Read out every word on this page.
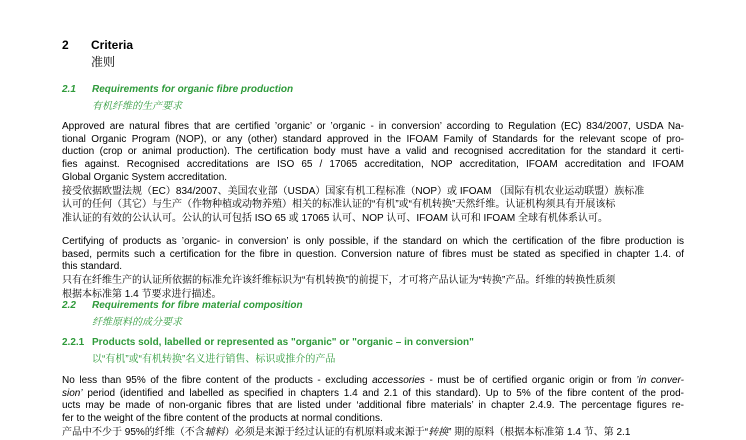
2 Criteria
准则
2.1 Requirements for organic fibre production
有机纤维的生产要求
Approved are natural fibres that are certified ’organic’ or ’organic - in conversion’ according to Regulation (EC) 834/2007, USDA Na-
tional Organic Program (NOP), or any (other) standard approved in the IFOAM Family of Standards for the relevant scope of pro-
duction (crop or animal production). The certification body must have a valid and recognised accreditation for the standard it certi-
fies against. Recognised accreditations are ISO 65 / 17065 accreditation, NOP accreditation, IFOAM accreditation and IFOAM
Global Organic System accreditation.
接受依据欧盟法规（EC）834/2007、美国农业部（USDA）国家有机工程标准（NOP）或 IFOAM （国际有机农业运动联盟）族标准
认可的任何（其它）与生产（作物种植或动物养殖）相关的标准认证的“有机”或“有机转换”天然纤维。认证机构须具有开展该标
准认证的有效的公认认可。公认的认可包括 ISO 65 或 17065 认可、NOP 认可、IFOAM 认可和 IFOAM 全球有机体系认可。
Certifying of products as ’organic- in conversion’ is only possible, if the standard on which the certification of the fibre production is
based, permits such a certification for the fibre in question. Conversion nature of fibres must be stated as specified in chapter 1.4. of
this standard.
只有在纤维生产的认证所依据的标准允许该纤维标识为“有机转换”的前提下，才可将产品认证为“转换”产品。纤维的转换性质须
根据本标准第 1.4 节要求进行描述。
2.2 Requirements for fibre material composition
纤维原料的成分要求
2.2.1 Products sold, labelled or represented as "organic" or "organic – in conversion"
以“有机”或“有机转换”名义进行销售、标识或推介的产品
No less than 95% of the fibre content of the products - excluding accessories - must be of certified organic origin or from ’in conver-
sion’ period (identified and labelled as specified in chapters 1.4 and 2.1 of this standard). Up to 5% of the fibre content of the prod-
ucts may be made of non-organic fibres that are listed under ‘additional fibre materials’ in chapter 2.4.9. The percentage figures re-
fer to the weight of the fibre content of the products at normal conditions.
产品中不少于 95%的纤维（不含辅料）必须是来源于经过认证的有机原料或来源于“转换” 期的原料（根据本标准第 1.4 节、第 2.1
